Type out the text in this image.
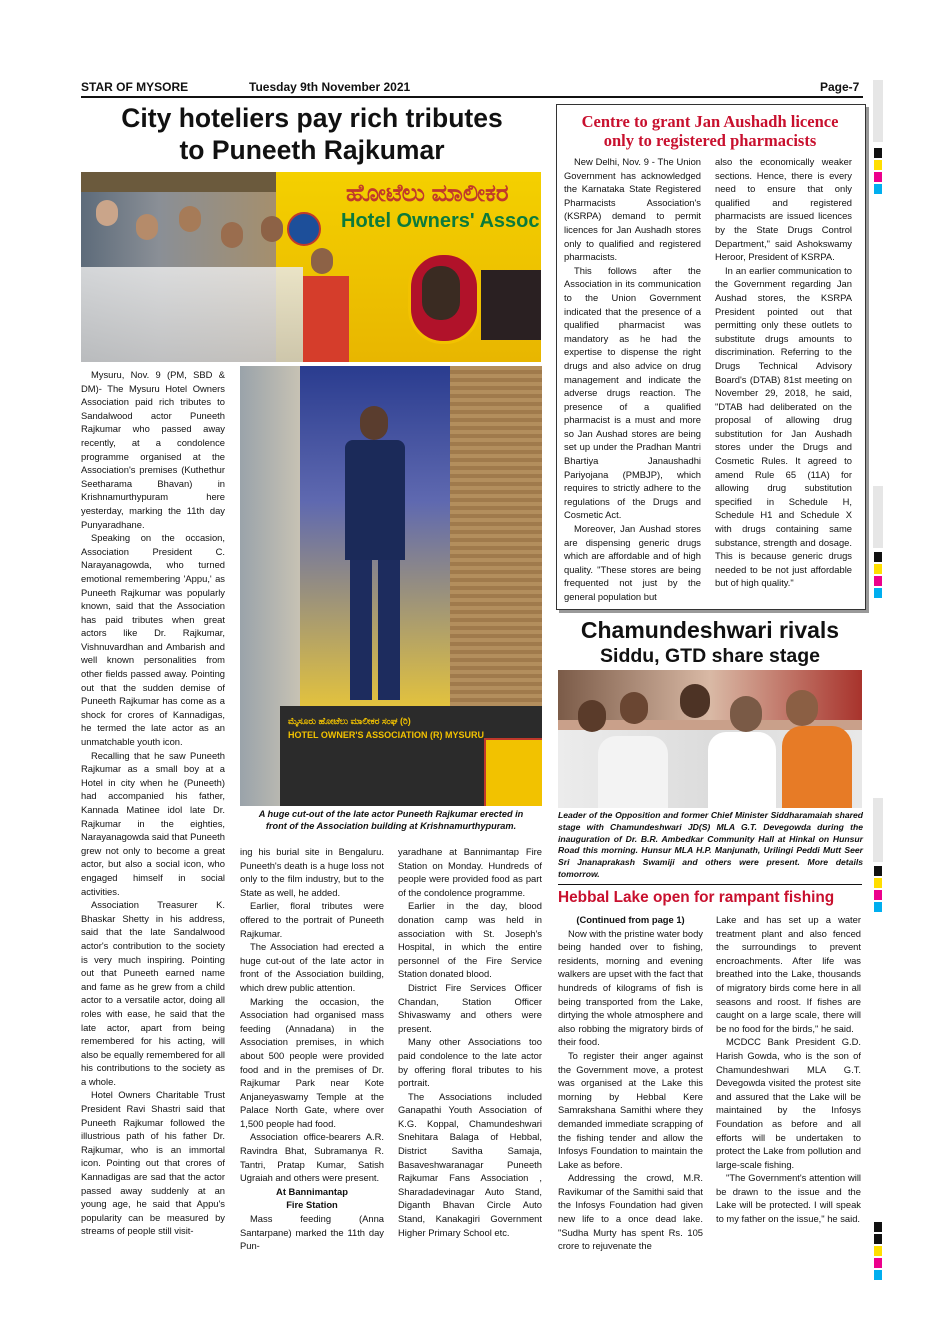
STAR OF MYSORE	Tuesday 9th November 2021	Page-7
City hoteliers pay rich tributes
to Puneeth Rajkumar
ಹೋಟೆಲು ಮಾಲೀಕರ
Hotel Owners' Assoc

Mysuru, Nov. 9 (PM, SBD & DM)- The Mysuru Hotel Owners Association paid rich tributes to Sandalwood actor Puneeth Rajkumar who passed away recently, at a condolence programme organised at the Association's premises (Kuthethur Seetharama Bhavan) in Krishnamurthypuram here yesterday, marking the 11th day Punyaradhane.

Speaking on the occasion, Association President C. Narayanagowda, who turned emotional remembering 'Appu,' as Puneeth Rajkumar was popularly known, said that the Association has paid tributes when great actors like Dr. Rajkumar, Vishnuvardhan and Ambarish and well known personalities from other fields passed away. Pointing out that the sudden demise of Puneeth Rajkumar has come as a shock for crores of Kannadigas, he termed the late actor as an unmatchable youth icon.

Recalling that he saw Puneeth Rajkumar as a small boy at a Hotel in city when he (Puneeth) had accompanied his father, Kannada Matinee idol late Dr. Rajkumar in the eighties, Narayanagowda said that Puneeth grew not only to become a great actor, but also a social icon, who engaged himself in social activities.

Association Treasurer K. Bhaskar Shetty in his address, said that the late Sandalwood actor's contribution to the society is very much inspiring. Pointing out that Puneeth earned name and fame as he grew from a child actor to a versatile actor, doing all roles with ease, he said that the late actor, apart from being remembered for his acting, will also be equally remembered for all his contributions to the society as a whole.

Hotel Owners Charitable Trust President Ravi Shastri said that Puneeth Rajkumar followed the illustrious path of his father Dr. Rajkumar, who is an immortal icon. Pointing out that crores of Kannadigas are sad that the actor passed away suddenly at an young age, he said that Appu's popularity can be measured by streams of people still visit-

ಮೈಸೂರು ಹೋಟೆಲು ಮಾಲೀಕರ ಸಂಘ (ರಿ)
HOTEL OWNER'S ASSOCIATION (R) MYSURU
A huge cut-out of the late actor Puneeth Rajkumar erected in
front of the Association building at Krishnamurthypuram.

ing his burial site in Bengaluru. Puneeth's death is a huge loss not only to the film industry, but to the State as well, he added.

Earlier, floral tributes were offered to the portrait of Puneeth Rajkumar.

The Association had erected a huge cut-out of the late actor in front of the Association building, which drew public attention.

Marking the occasion, the Association had organised mass feeding (Annadana) in the Association premises, in which about 500 people were provided food and in the premises of Dr. Rajkumar Park near Kote Anjaneyaswamy Temple at the Palace North Gate, where over 1,500 people had food.

Association office-bearers A.R. Ravindra Bhat, Subramanya R. Tantri, Pratap Kumar, Satish Ugraiah and others were present.

At Bannimantap

Fire Station

Mass feeding (Anna Santarpane) marked the 11th day Pun-

yaradhane at Bannimantap Fire Station on Monday. Hundreds of people were provided food as part of the condolence programme.

Earlier in the day, blood donation camp was held in association with St. Joseph's Hospital, in which the entire personnel of the Fire Service Station donated blood.

District Fire Services Officer Chandan, Station Officer Shivaswamy and others were present.

Many other Associations too paid condolence to the late actor by offering floral tributes to his portrait.

The Associations included Ganapathi Youth Association of K.G. Koppal, Chamundeshwari Snehitara Balaga of Hebbal, District Savitha Samaja, Basaveshwaranagar Puneeth Rajkumar Fans Association , Sharadadevinagar Auto Stand, Diganth Bhavan Circle Auto Stand, Kanakagiri Government Higher Primary School etc.

Centre to grant Jan Aushadh licence
only to registered pharmacists

New Delhi, Nov. 9 - The Union Government has acknowledged the Karnataka State Registered Pharmacists Association's (KSRPA) demand to permit licences for Jan Aushadh stores only to qualified and registered pharmacists.

This follows after the Association in its communication to the Union Government indicated that the presence of a qualified pharmacist was mandatory as he had the expertise to dispense the right drugs and also advice on drug management and indicate the adverse drugs reaction. The presence of a qualified pharmacist is a must and more so Jan Aushad stores are being set up under the Pradhan Mantri Bhartiya Janaushadhi Pariyojana (PMBJP), which requires to strictly adhere to the regulations of the Drugs and Cosmetic Act.

Moreover, Jan Aushad stores are dispensing generic drugs which are affordable and of high quality. "These stores are being frequented not just by the general population but

also the economically weaker sections. Hence, there is every need to ensure that only qualified and registered pharmacists are issued licences by the State Drugs Control Department," said Ashokswamy Heroor, President of KSRPA.

In an earlier communication to the Government regarding Jan Aushad stores, the KSRPA President pointed out that permitting only these outlets to substitute drugs amounts to discrimination. Referring to the Drugs Technical Advisory Board's (DTAB) 81st meeting on November 29, 2018, he said, "DTAB had deliberated on the proposal of allowing drug substitution for Jan Aushadh stores under the Drugs and Cosmetic Rules. It agreed to amend Rule 65 (11A) for allowing drug substitution specified in Schedule H, Schedule H1 and Schedule X with drugs containing same substance, strength and dosage. This is because generic drugs needed to be not just affordable but of high quality."

Chamundeshwari rivals
Siddu, GTD share stage
Leader of the Opposition and former Chief Minister Siddharamaiah shared stage with Chamundeshwari JD(S) MLA G.T. Devegowda during the inauguration of Dr. B.R. Ambedkar Community Hall at Hinkal on Hunsur Road this morning. Hunsur MLA H.P. Manjunath, Urilingi Peddi Mutt Seer Sri Jnanaprakash Swamiji and others were present. More details tomorrow.
Hebbal Lake open for rampant fishing

(Continued from page 1)

Now with the pristine water body being handed over to fishing, residents, morning and evening walkers are upset with the fact that hundreds of kilograms of fish is being transported from the Lake, dirtying the whole atmosphere and also robbing the migratory birds of their food.

To register their anger against the Government move, a protest was organised at the Lake this morning by Hebbal Kere Samrakshana Samithi where they demanded immediate scrapping of the fishing tender and allow the Infosys Foundation to maintain the Lake as before.

Addressing the crowd, M.R. Ravikumar of the Samithi said that the Infosys Foundation had given new life to a once dead lake. "Sudha Murty has spent Rs. 105 crore to rejuvenate the

Lake and has set up a water treatment plant and also fenced the surroundings to prevent encroachments. After life was breathed into the Lake, thousands of migratory birds come here in all seasons and roost. If fishes are caught on a large scale, there will be no food for the birds," he said.

MCDCC Bank President G.D. Harish Gowda, who is the son of Chamundeshwari MLA G.T. Devegowda visited the protest site and assured that the Lake will be maintained by the Infosys Foundation as before and all efforts will be undertaken to protect the Lake from pollution and large-scale fishing.

"The Government's attention will be drawn to the issue and the Lake will be protected. I will speak to my father on the issue," he said.
